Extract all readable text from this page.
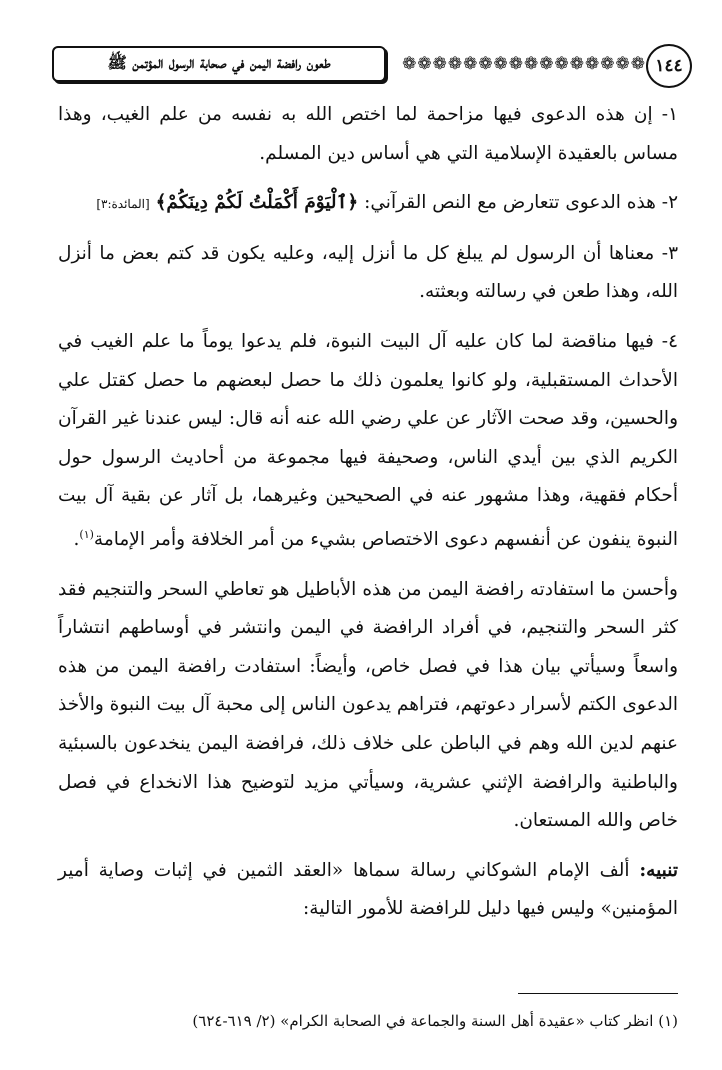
١٤٤
❁❁❁❁❁❁❁❁❁❁❁❁❁❁❁❁
طعون رافضة اليمن في صحابة الرسول المؤتمن ﷺ

١- إن هذه الدعوى فيها مزاحمة لما اختص الله به نفسه من علم الغيب، وهذا مساس بالعقيدة الإسلامية التي هي أساس دين المسلم.

٢- هذه الدعوى تتعارض مع النص القرآني: ﴿ٱلْيَوْمَ أَكْمَلْتُ لَكُمْ دِينَكُمْ﴾ [المائدة:٣]

٣- معناها أن الرسول لم يبلغ كل ما أنزل إليه، وعليه يكون قد كتم بعض ما أنزل الله، وهذا طعن في رسالته وبعثته.

٤- فيها مناقضة لما كان عليه آل البيت النبوة، فلم يدعوا يوماً ما علم الغيب في الأحداث المستقبلية، ولو كانوا يعلمون ذلك ما حصل لبعضهم ما حصل كقتل علي والحسين، وقد صحت الآثار عن علي رضي الله عنه أنه قال: ليس عندنا غير القرآن الكريم الذي بين أيدي الناس، وصحيفة فيها مجموعة من أحاديث الرسول حول أحكام فقهية، وهذا مشهور عنه في الصحيحين وغيرهما، بل آثار عن بقية آل بيت النبوة ينفون عن أنفسهم دعوى الاختصاص بشيء من أمر الخلافة وأمر الإمامة$^{(١)}$.

وأحسن ما استفادته رافضة اليمن من هذه الأباطيل هو تعاطي السحر والتنجيم فقد كثر السحر والتنجيم، في أفراد الرافضة في اليمن وانتشر في أوساطهم انتشاراً واسعاً وسيأتي بيان هذا في فصل خاص، وأيضاً: استفادت رافضة اليمن من هذه الدعوى الكتم لأسرار دعوتهم، فتراهم يدعون الناس إلى محبة آل بيت النبوة والأخذ عنهم لدين الله وهم في الباطن على خلاف ذلك، فرافضة اليمن ينخدعون بالسبئية والباطنية والرافضة الإثني عشرية، وسيأتي مزيد لتوضيح هذا الانخداع في فصل خاص والله المستعان.

تنبيه: ألف الإمام الشوكاني رسالة سماها «العقد الثمين في إثبات وصاية أمير المؤمنين» وليس فيها دليل للرافضة للأمور التالية:

(١) انظر كتاب «عقيدة أهل السنة والجماعة في الصحابة الكرام» (٢/ ٦١٩-٦٢٤)
